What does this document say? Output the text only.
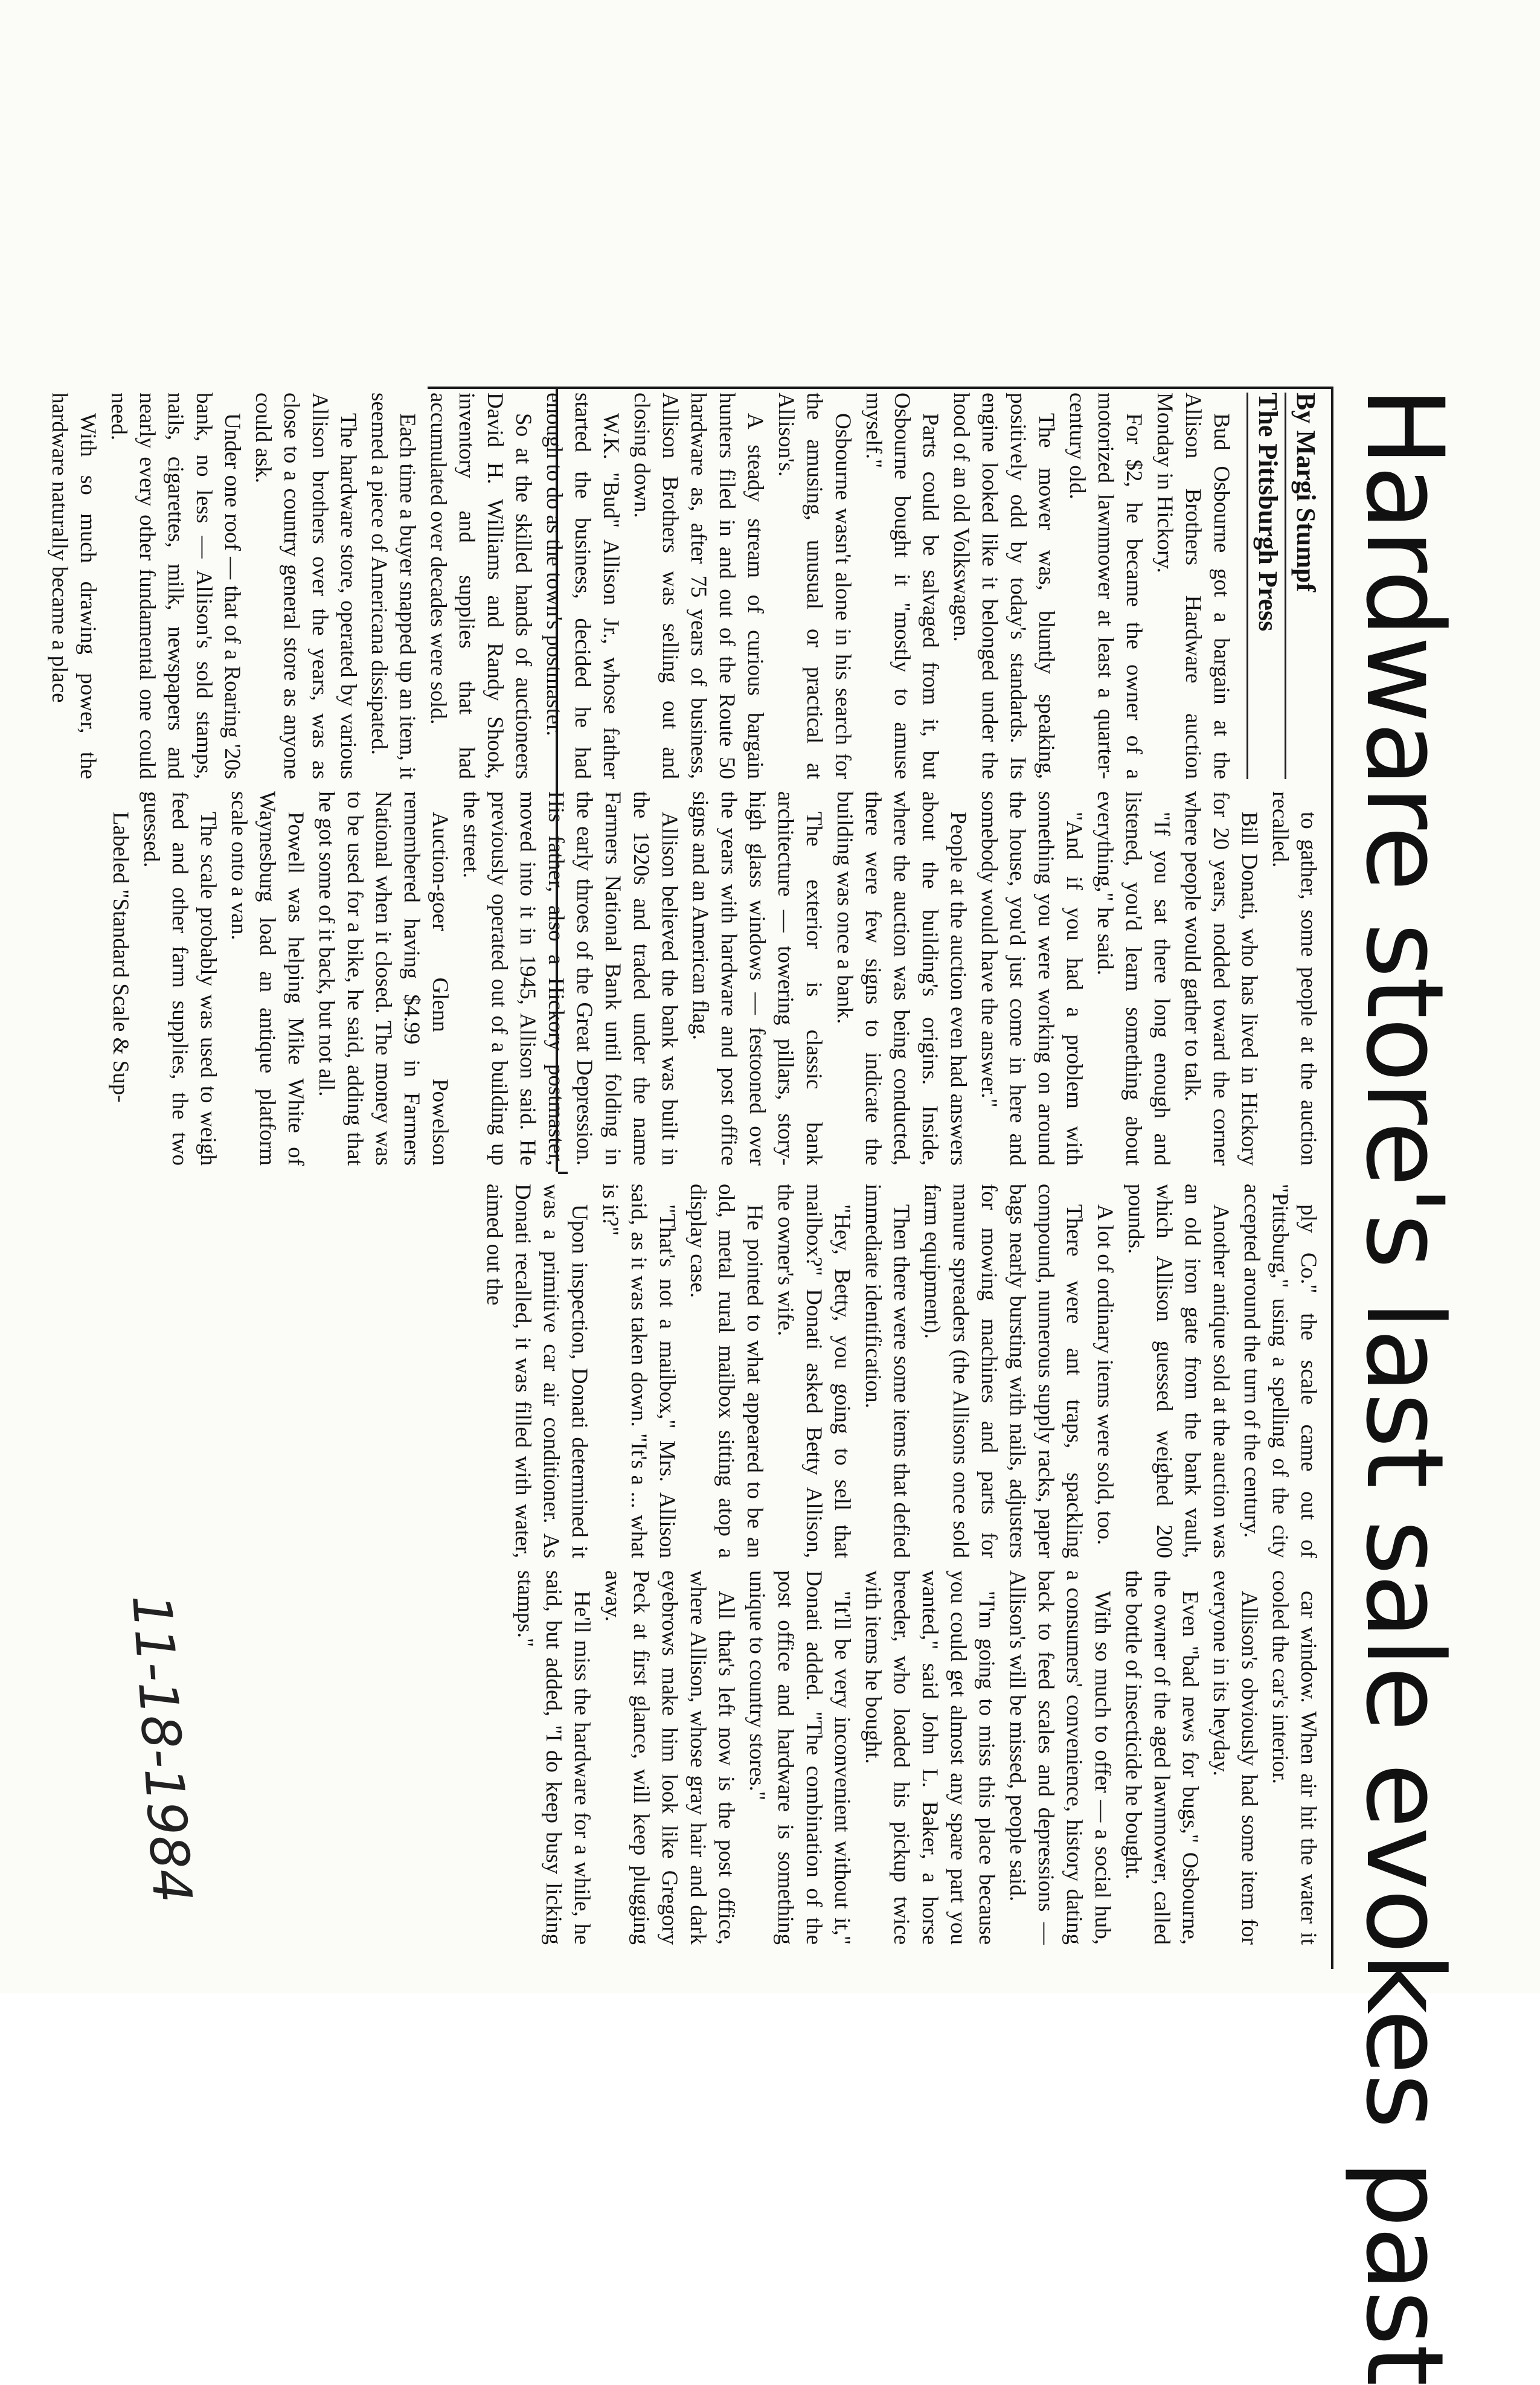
Hardware store's last sale evokes past

By Margi Stumpf
The Pittsburgh Press

Bud Osbourne got a bargain at the Allison Brothers Hardware auction Monday in Hickory.

For $2, he became the owner of a motorized lawnmower at least a quarter-century old.

The mower was, bluntly speaking, positively odd by today's standards. Its engine looked like it belonged under the hood of an old Volkswagen.

Parts could be salvaged from it, but Osbourne bought it "mostly to amuse myself."

Osbourne wasn't alone in his search for the amusing, unusual or practical at Allison's.

A steady stream of curious bargain hunters filed in and out of the Route 50 hardware as, after 75 years of business, Allison Brothers was selling out and closing down.

W.K. "Bud" Allison Jr., whose father started the business, decided he had enough to do as the town's postmaster.

So at the skilled hands of auctioneers David H. Williams and Randy Shook, inventory and supplies that had accumulated over decades were sold.

Each time a buyer snapped up an item, it seemed a piece of Americana dissipated.

The hardware store, operated by various Allison brothers over the years, was as close to a country general store as anyone could ask.

Under one roof — that of a Roaring '20s bank, no less — Allison's sold stamps, nails, cigarettes, milk, newspapers and nearly every other fundamental one could need.

With so much drawing power, the hardware naturally became a place

to gather, some people at the auction recalled.

Bill Donati, who has lived in Hickory for 20 years, nodded toward the corner where people would gather to talk.

"If you sat there long enough and listened, you'd learn something about everything," he said.

"And if you had a problem with something you were working on around the house, you'd just come in here and somebody would have the answer."

People at the auction even had answers about the building's origins. Inside, where the auction was being conducted, there were few signs to indicate the building was once a bank.

The exterior is classic bank architecture — towering pillars, story-high glass windows — festooned over the years with hardware and post office signs and an American flag.

Allison believed the bank was built in the 1920s and traded under the name Farmers National Bank until folding in the early throes of the Great Depression. His father, also a Hickory postmaster, moved into it in 1945, Allison said. He previously operated out of a building up the street.

Auction-goer Glenn Powelson remembered having $4.99 in Farmers National when it closed. The money was to be used for a bike, he said, adding that he got some of it back, but not all.

Powell was helping Mike White of Waynesburg load an antique platform scale onto a van.

The scale probably was used to weigh feed and other farm supplies, the two guessed.

Labeled "Standard Scale & Sup-

ply Co." the scale came out of "Pittsburg," using a spelling of the city accepted around the turn of the century.

Another antique sold at the auction was an old iron gate from the bank vault, which Allison guessed weighed 200 pounds.

A lot of ordinary items were sold, too.

There were ant traps, spackling compound, numerous supply racks, paper bags nearly bursting with nails, adjusters for mowing machines and parts for manure spreaders (the Allisons once sold farm equipment).

Then there were some items that defied immediate identification.

"Hey, Betty, you going to sell that mailbox?" Donati asked Betty Allison, the owner's wife.

He pointed to what appeared to be an old, metal rural mailbox sitting atop a display case.

"That's not a mailbox," Mrs. Allison said, as it was taken down. "It's a ... what is it?"

Upon inspection, Donati determined it was a primitive car air conditioner. As Donati recalled, it was filled with water, aimed out the

car window. When air hit the water it cooled the car's interior.

Allison's obviously had some item for everyone in its heyday.

Even "bad news for bugs," Osbourne, the owner of the aged lawnmower, called the bottle of insecticide he bought.

With so much to offer — a social hub, a consumers' convenience, history dating back to feed scales and depressions — Allison's will be missed, people said.

"I'm going to miss this place because you could get almost any spare part you wanted," said John L. Baker, a horse breeder, who loaded his pickup twice with items he bought.

"It'll be very inconvenient without it," Donati added. "The combination of the post office and hardware is something unique to country stores."

All that's left now is the post office, where Allison, whose gray hair and dark eyebrows make him look like Gregory Peck at first glance, will keep plugging away.

He'll miss the hardware for a while, he said, but added, "I do keep busy licking stamps."

11-18-1984
